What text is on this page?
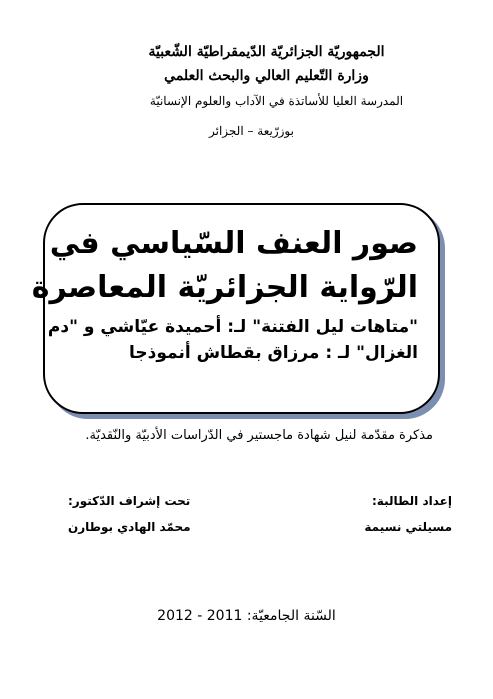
الجمهوريّة الجزائريّة الدّيمقراطيّة الشّعبيّة
وزارة التّعليم العالي والبحث العلمي
المدرسة العليا للأساتذة في الآداب والعلوم الإنسانيّة
بوزرّيعة – الجزائر
صور العنف السّياسي في
الرّواية الجزائريّة المعاصرة
"متاهات ليل الفتنة" لـ: أحميدة عيّاشي و "دم
الغزال" لـ : مرزاق بقطاش أنموذجا
مذكرة مقدّمة لنيل شهادة ماجستير في الدّراسات الأدبيّة والنّقديّة.
إعداد الطالبة:
مسيلتي نسيمة
تحت إشراف الدّكتور:
محمّد الهادي بوطارن
السّنة الجامعيّة: 2011 - 2012
